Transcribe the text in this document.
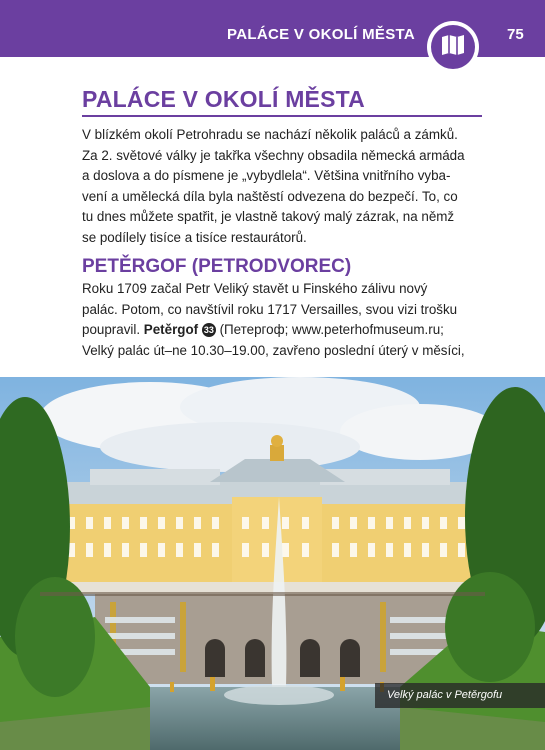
PALÁCE V OKOLÍ MĚSTA	75
PALÁCE V OKOLÍ MĚSTA
V blízkém okolí Petrohradu se nachází několik paláců a zámků.
Za 2. světové války je takřka všechny obsadila německá armáda
a doslova a do písmene je „vybydlela“. Většina vnitřního vyba-
vení a umělecká díla byla naštěstí odvezena do bezpečí. To, co
tu dnes můžete spatřit, je vlastně takový malý zázrak, na němž
se podílely tisíce a tisíce restaurátorů.
PETĚRGOF (PETRODVOREC)
Roku 1709 začal Petr Veliký stavět u Finského zálivu nový
palác. Potom, co navštívil roku 1717 Versailles, svou vizi trošku
poupravil. Petěrgof 33 (Петергоф; www.peterhofmuseum.ru;
Velký palác út–ne 10.30–19.00, zavřeno poslední úterý v měsíci,
Velký palác v Petěrgofu
